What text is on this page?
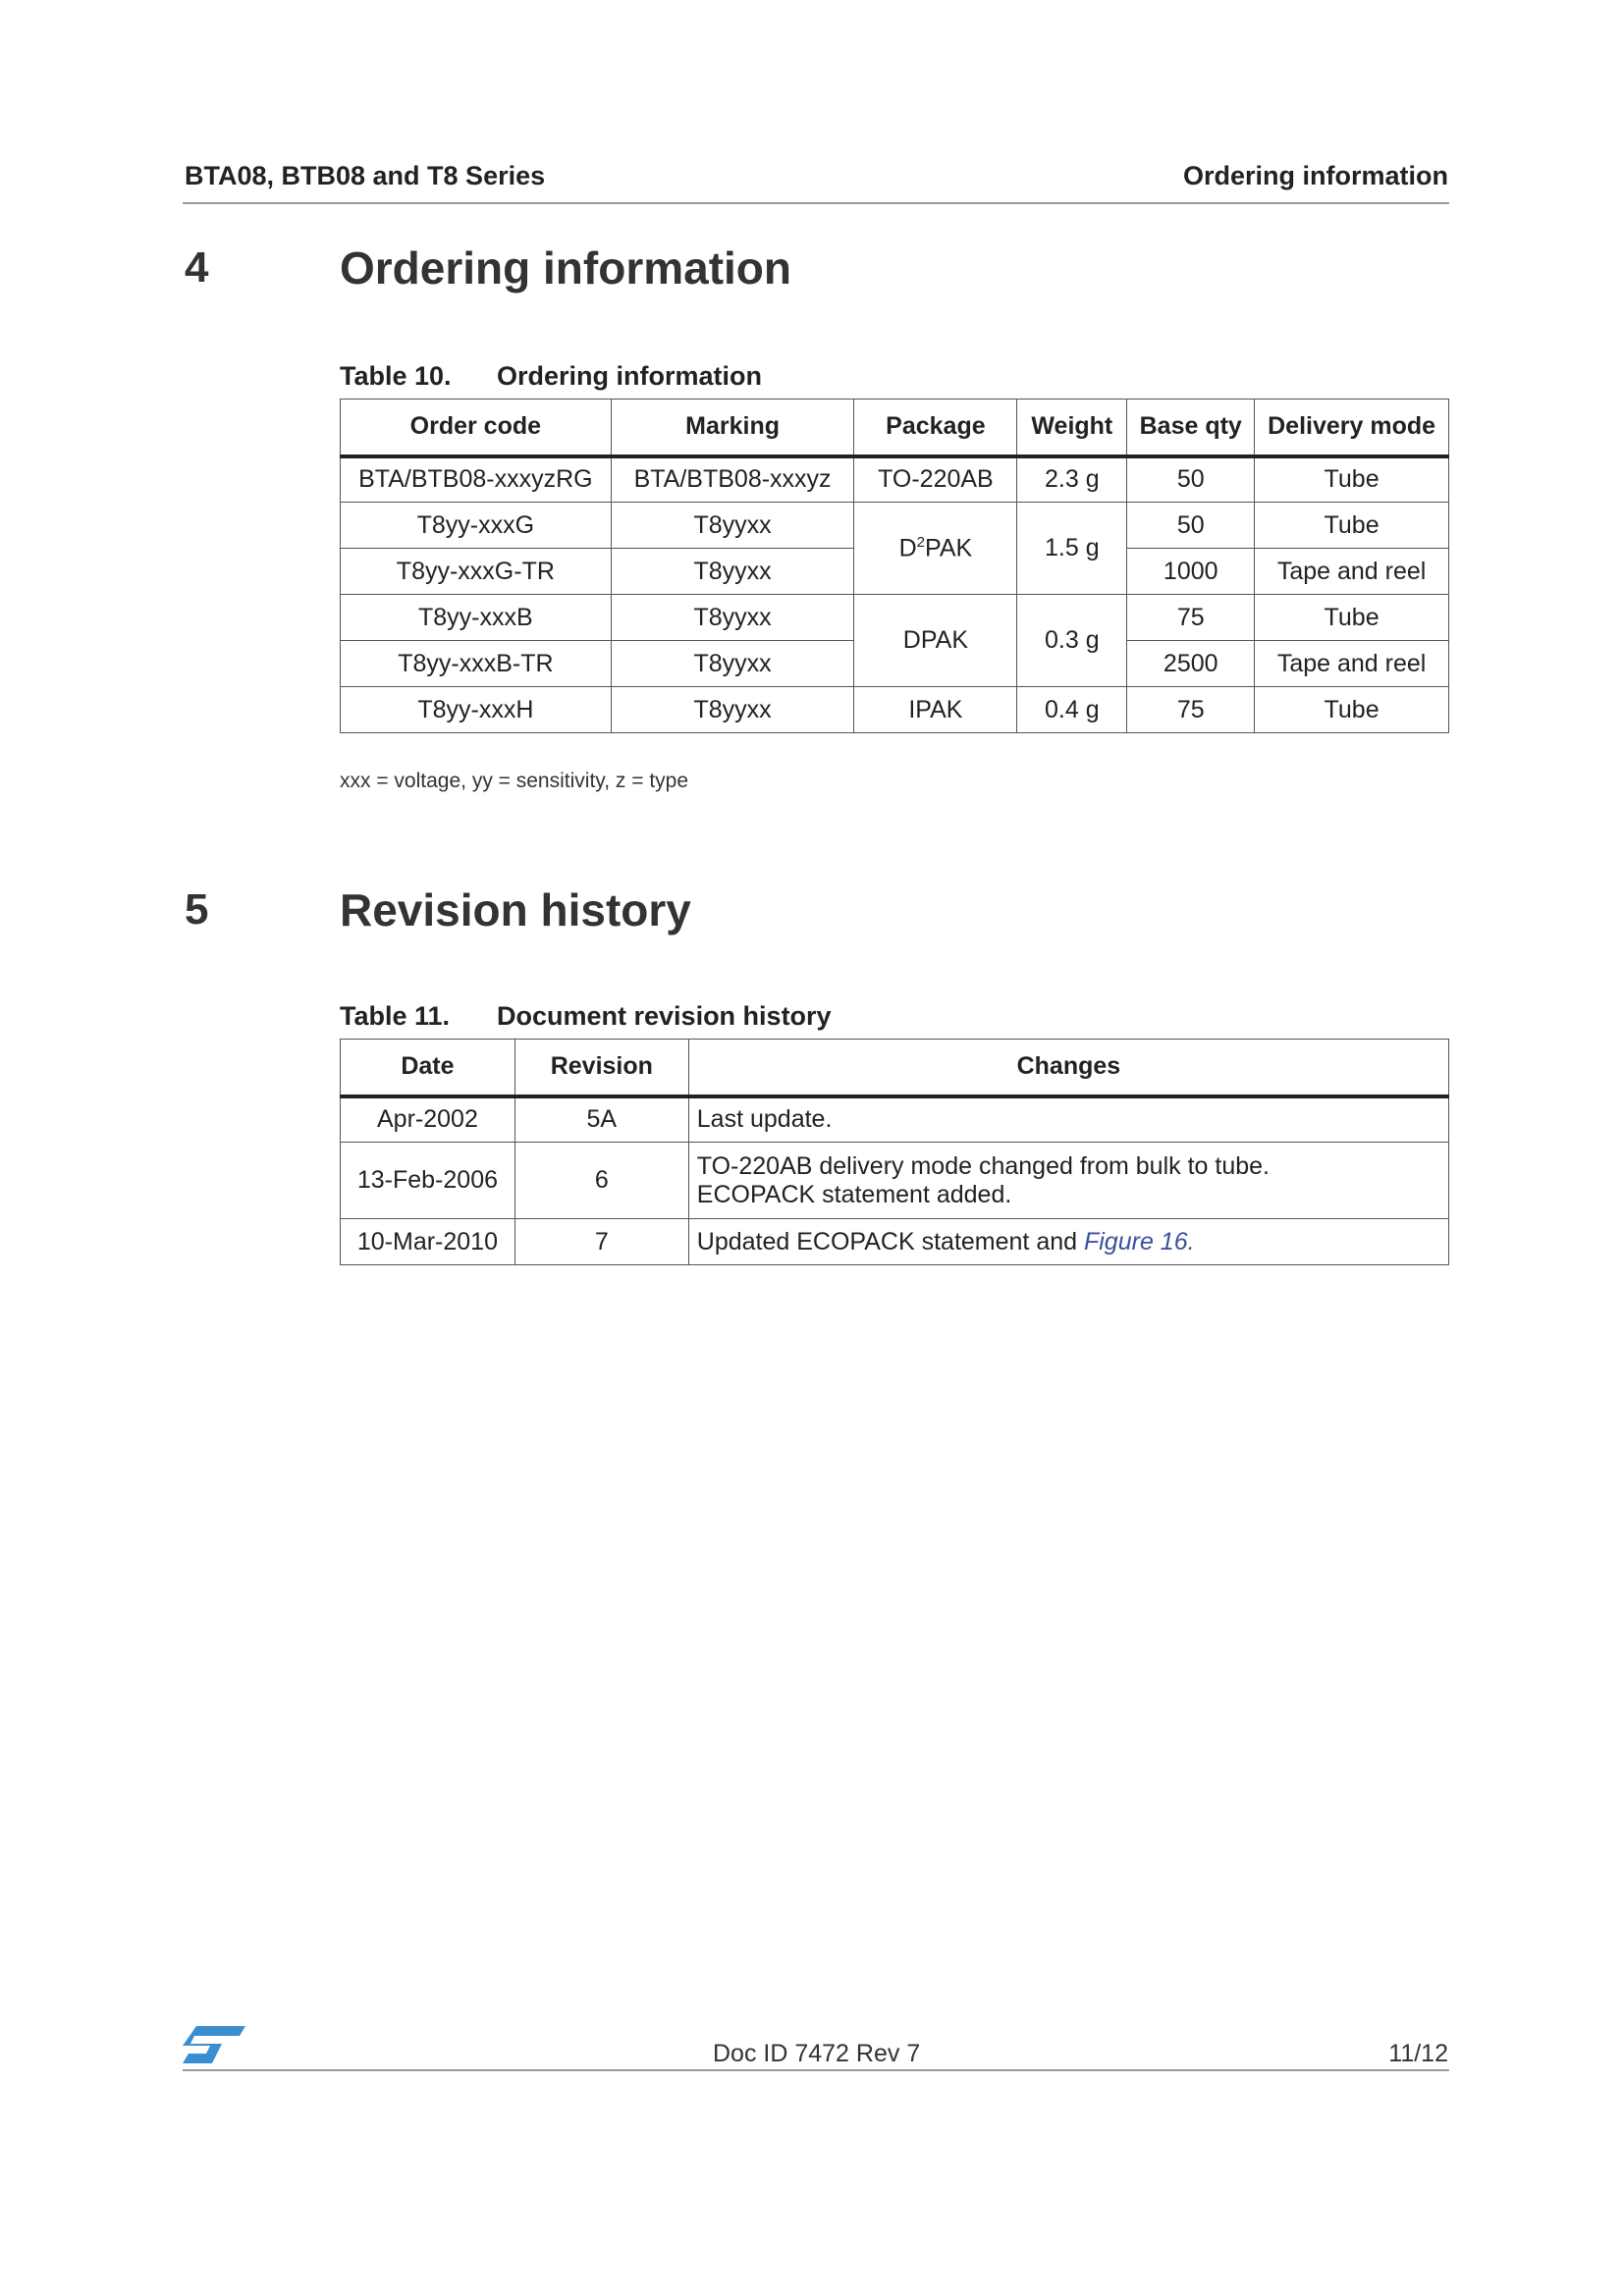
BTA08, BTB08 and T8 Series	Ordering information
4	Ordering information
Table 10. Ordering information
Order code	Marking	Package	Weight	Base qty	Delivery mode
BTA/BTB08-xxxyzRG	BTA/BTB08-xxxyz	TO-220AB	2.3 g	50	Tube
T8yy-xxxG	T8yyxx	$D^2PAK$	1.5 g	50	Tube
T8yy-xxxG-TR	T8yyxx			1000	Tape and reel
T8yy-xxxB	T8yyxx	DPAK	0.3 g	75	Tube
T8yy-xxxB-TR	T8yyxx			2500	Tape and reel
T8yy-xxxH	T8yyxx	IPAK	0.4 g	75	Tube
xxx = voltage, yy = sensitivity, z = type
5	Revision history
Table 11. Document revision history
Date	Revision	Changes
Apr-2002	5A	Last update.
13-Feb-2006	6	TO-220AB delivery mode changed from bulk to tube.
ECOPACK statement added.

10-Mar-2010	7	Updated ECOPACK statement and Figure 16.
Doc ID 7472 Rev 7	11/12
